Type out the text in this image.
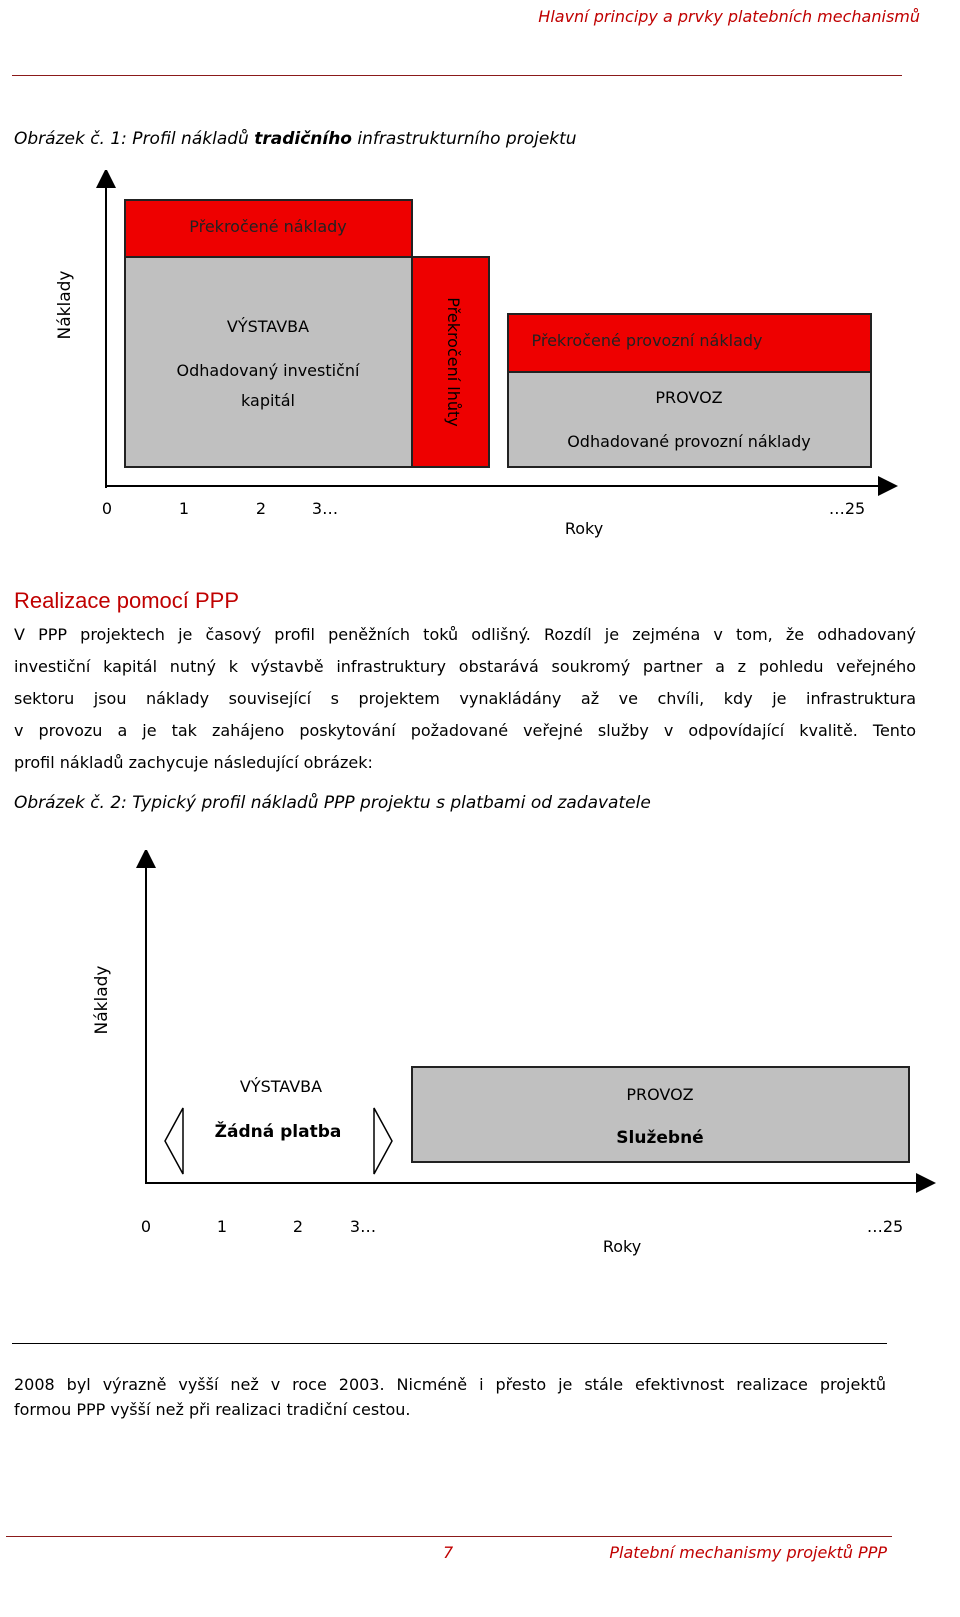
Hlavní principy a prvky platebních mechanismů
Obrázek č. 1: Profil nákladů tradičního infrastrukturního projektu
Náklady
Překročené náklady
VÝSTAVBA
Odhadovaný investiční
kapitál	Překročení lhůty	Překročené provozní náklady
PROVOZ
Odhadované provozní náklady
0	1	2	3…	…25
Roky
Realizace pomocí PPP
V PPP projektech je časový profil peněžních toků odlišný. Rozdíl je zejména v tom, že odhadovaný
investiční kapitál nutný k výstavbě infrastruktury obstarává soukromý partner a z pohledu veřejného
sektoru jsou náklady související s projektem vynakládány až ve chvíli, kdy je infrastruktura
v provozu a je tak zahájeno poskytování požadované veřejné služby v odpovídající kvalitě. Tento
profil nákladů zachycuje následující obrázek:
Obrázek č. 2: Typický profil nákladů PPP projektu s platbami od zadavatele
Náklady
VÝSTAVBA
Žádná platba
PROVOZ
Služebné
0	1	2	3…	…25
Roky
2008 byl výrazně vyšší než v roce 2003. Nicméně i přesto je stále efektivnost realizace projektů
formou PPP vyšší než při realizaci tradiční cestou.
7	Platební mechanismy projektů PPP
